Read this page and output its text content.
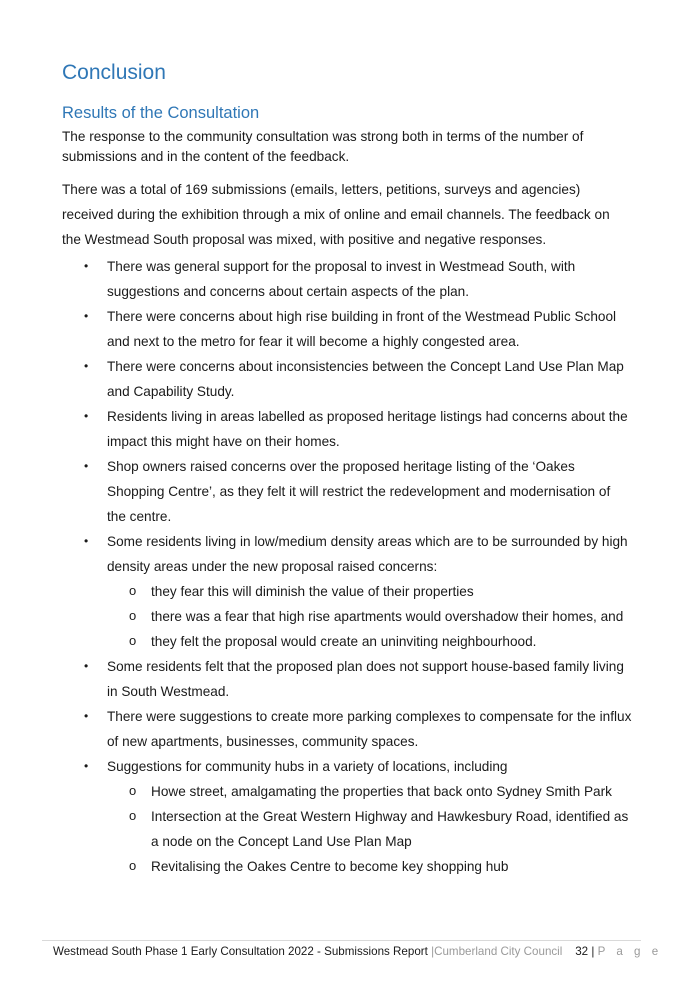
Conclusion
Results of the Consultation

The response to the community consultation was strong both in terms of the number of submissions and in the content of the feedback.

There was a total of 169 submissions (emails, letters, petitions, surveys and agencies) received during the exhibition through a mix of online and email channels. The feedback on the Westmead South proposal was mixed, with positive and negative responses.

• There was general support for the proposal to invest in Westmead South, with suggestions and concerns about certain aspects of the plan.
• There were concerns about high rise building in front of the Westmead Public School and next to the metro for fear it will become a highly congested area.
• There were concerns about inconsistencies between the Concept Land Use Plan Map and Capability Study.
• Residents living in areas labelled as proposed heritage listings had concerns about the impact this might have on their homes.
• Shop owners raised concerns over the proposed heritage listing of the ‘Oakes Shopping Centre’, as they felt it will restrict the redevelopment and modernisation of the centre.
• Some residents living in low/medium density areas which are to be surrounded by high density areas under the new proposal raised concerns:
o they fear this will diminish the value of their properties
o there was a fear that high rise apartments would overshadow their homes, and
o they felt the proposal would create an uninviting neighbourhood.
• Some residents felt that the proposed plan does not support house-based family living in South Westmead.
• There were suggestions to create more parking complexes to compensate for the influx of new apartments, businesses, community spaces.
• Suggestions for community hubs in a variety of locations, including
o Howe street, amalgamating the properties that back onto Sydney Smith Park
o Intersection at the Great Western Highway and Hawkesbury Road, identified as a node on the Concept Land Use Plan Map
o Revitalising the Oakes Centre to become key shopping hub
Westmead South Phase 1 Early Consultation 2022 - Submissions Report |Cumberland City Council 32 | P a g e
